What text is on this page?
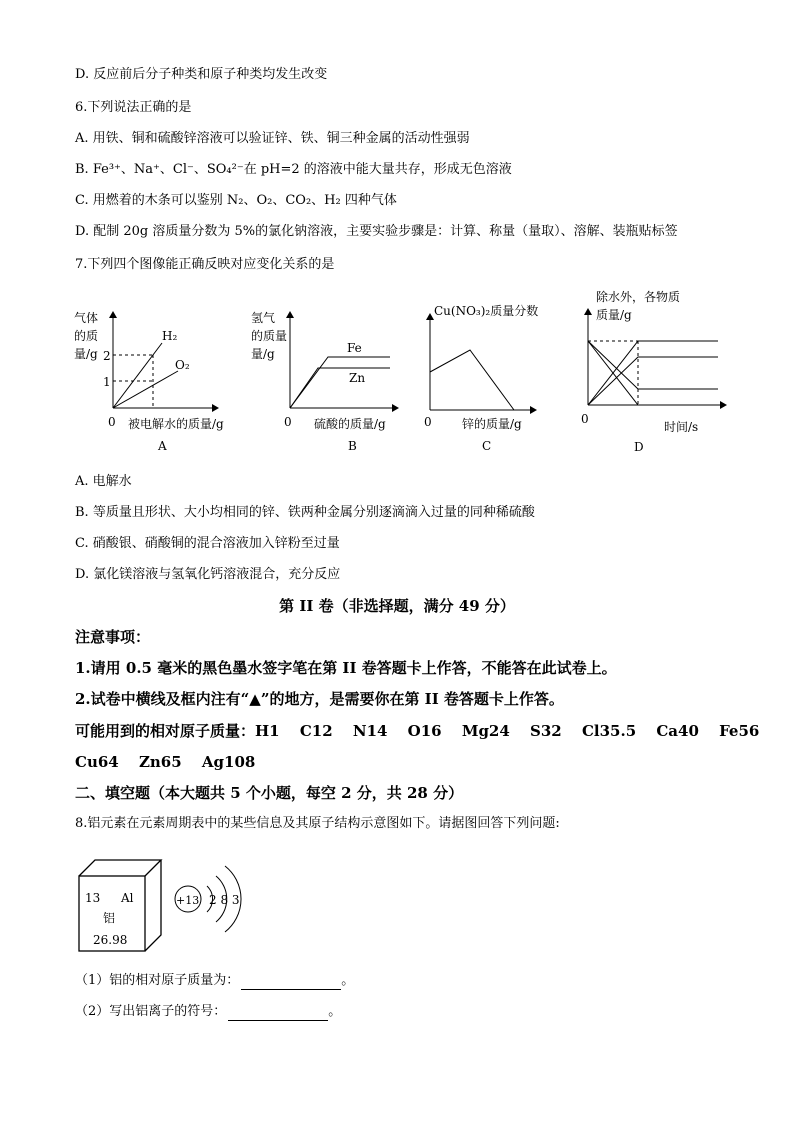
D. 反应前后分子种类和原子种类均发生改变
6.下列说法正确的是
A. 用铁、铜和硫酸锌溶液可以验证锌、铁、铜三种金属的活动性强弱
B. Fe³⁺、Na⁺、Cl⁻、SO₄²⁻在 pH=2 的溶液中能大量共存，形成无色溶液
C. 用燃着的木条可以鉴别 N₂、O₂、CO₂、H₂ 四种气体
D. 配制 20g 溶质量分数为 5%的氯化钠溶液，主要实验步骤是：计算、称量（量取）、溶解、装瓶贴标签
7.下列四个图像能正确反映对应变化关系的是
气体
的质
量/g 2
1
H₂
O₂
0 被电解水的质量/g
A
氢气
的质量
量/g	Fe
Zn
0 硫酸的质量/g
B
Cu(NO₃)₂质量分数
0	锌的质量/g
C
除水外，各物质
质量/g
0
时间/s
D
A. 电解水
B. 等质量且形状、大小均相同的锌、铁两种金属分别逐滴滴入过量的同种稀硫酸
C. 硝酸银、硝酸铜的混合溶液加入锌粉至过量
D. 氯化镁溶液与氢氧化钙溶液混合，充分反应
第 II 卷（非选择题，满分 49 分）
注意事项：
1.请用 0.5 毫米的黑色墨水签字笔在第 II 卷答题卡上作答，不能答在此试卷上。
2.试卷中横线及框内注有“▲”的地方，是需要你在第 II 卷答题卡上作答。
可能用到的相对原子质量：H1　 C12　 N14　 O16　 Mg24　 S32　 Cl35.5　 Ca40　 Fe56
Cu64　 Zn65　 Ag108
二、填空题（本大题共 5 个小题，每空 2 分，共 28 分）
8.铝元素在元素周期表中的某些信息及其原子结构示意图如下。请据图回答下列问题:
13 Al
铝
26.98
+13 2 8 3
（1）铝的相对原子质量为：	。
（2）写出铝离子的符号：	。
